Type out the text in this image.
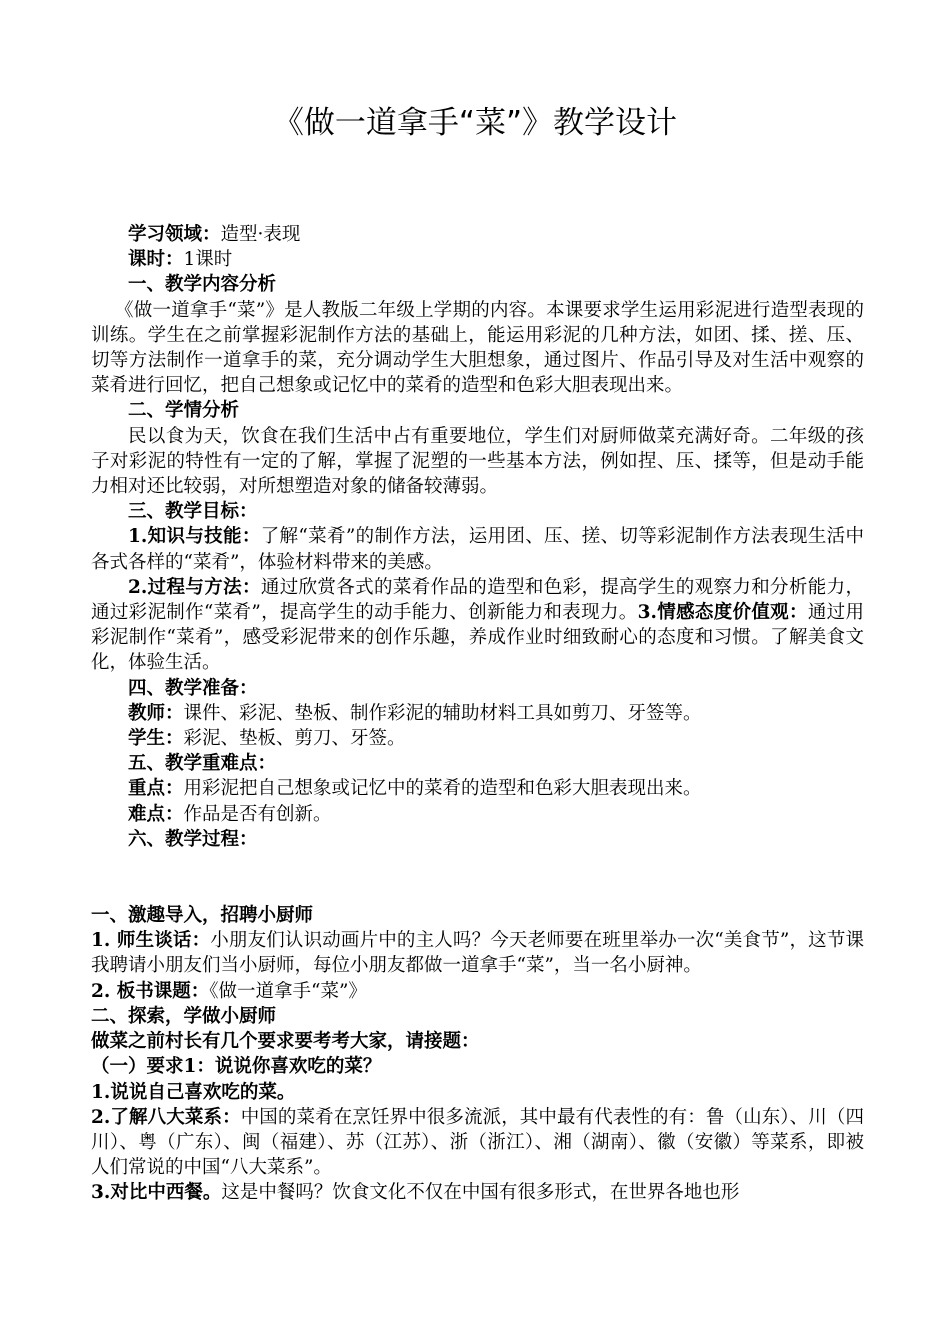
《做一道拿手“菜”》教学设计

学习领域：造型·表现

课时：1课时

一、教学内容分析

《做一道拿手“菜”》是人教版二年级上学期的内容。本课要求学生运用彩泥进行造型表现的训练。学生在之前掌握彩泥制作方法的基础上，能运用彩泥的几种方法，如团、揉、搓、压、切等方法制作一道拿手的菜，充分调动学生大胆想象，通过图片、作品引导及对生活中观察的菜肴进行回忆，把自己想象或记忆中的菜肴的造型和色彩大胆表现出来。

二、学情分析

民以食为天，饮食在我们生活中占有重要地位，学生们对厨师做菜充满好奇。二年级的孩子对彩泥的特性有一定的了解，掌握了泥塑的一些基本方法，例如捏、压、揉等，但是动手能力相对还比较弱，对所想塑造对象的储备较薄弱。

三、教学目标：

1.知识与技能：了解“菜肴”的制作方法，运用团、压、搓、切等彩泥制作方法表现生活中各式各样的“菜肴”，体验材料带来的美感。

2.过程与方法：通过欣赏各式的菜肴作品的造型和色彩，提高学生的观察力和分析能力，通过彩泥制作“菜肴”，提高学生的动手能力、创新能力和表现力。3.情感态度价值观：通过用彩泥制作“菜肴”，感受彩泥带来的创作乐趣，养成作业时细致耐心的态度和习惯。了解美食文化，体验生活。

四、教学准备：

教师：课件、彩泥、垫板、制作彩泥的辅助材料工具如剪刀、牙签等。

学生：彩泥、垫板、剪刀、牙签。

五、教学重难点：

重点：用彩泥把自己想象或记忆中的菜肴的造型和色彩大胆表现出来。

难点：作品是否有创新。

六、教学过程：

一、激趣导入，招聘小厨师

1. 师生谈话：小朋友们认识动画片中的主人吗？今天老师要在班里举办一次“美食节”，这节课我聘请小朋友们当小厨师，每位小朋友都做一道拿手“菜”，当一名小厨神。

2. 板书课题：《做一道拿手“菜”》

二、探索，学做小厨师

做菜之前村长有几个要求要考考大家，请接题：

（一）要求1：说说你喜欢吃的菜？

1.说说自己喜欢吃的菜。

2.了解八大菜系：中国的菜肴在烹饪界中很多流派，其中最有代表性的有：鲁（山东）、川（四川）、粤（广东）、闽（福建）、苏（江苏）、浙（浙江）、湘（湖南）、徽（安徽）等菜系，即被人们常说的中国“八大菜系”。

3.对比中西餐。这是中餐吗？饮食文化不仅在中国有很多形式，在世界各地也形
